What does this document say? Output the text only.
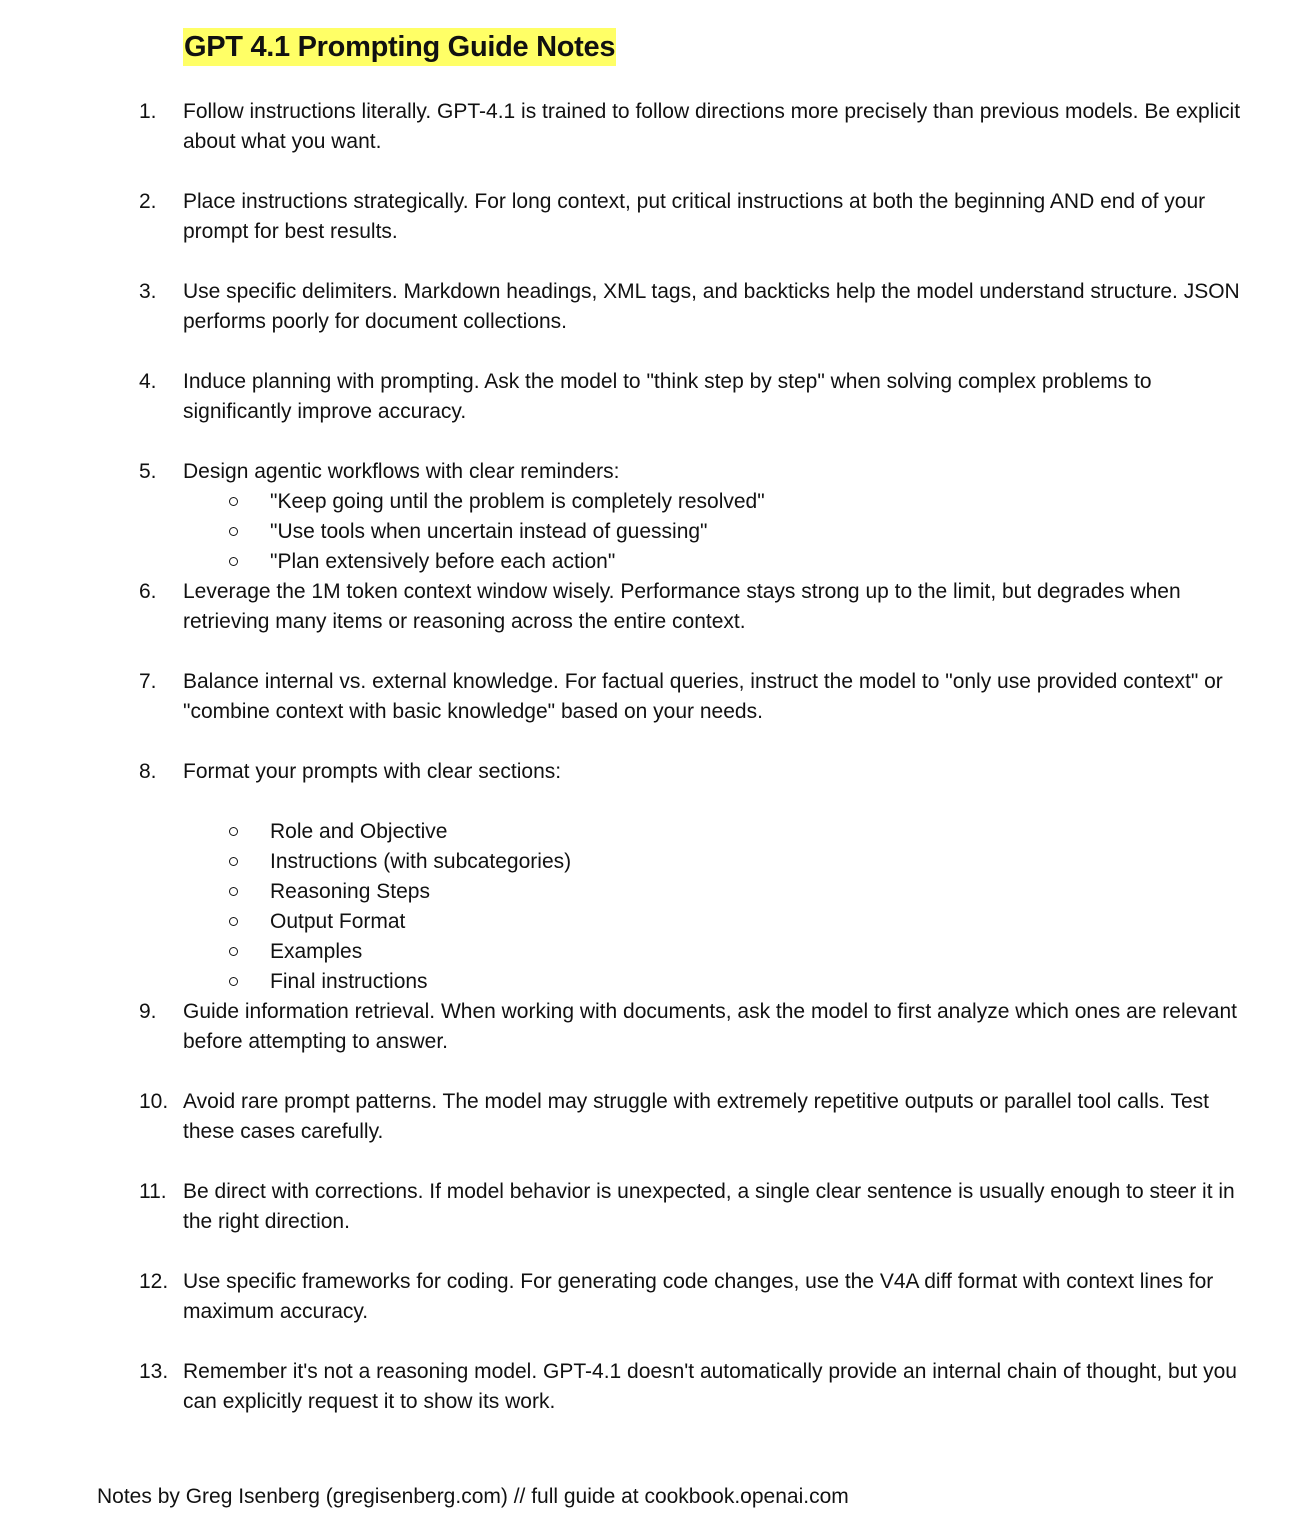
GPT 4.1 Prompting Guide Notes
1.	Follow instructions literally. GPT-4.1 is trained to follow directions more precisely than previous models. Be explicit about what you want.
2.	Place instructions strategically. For long context, put critical instructions at both the beginning AND end of your prompt for best results.
3.	Use specific delimiters. Markdown headings, XML tags, and backticks help the model understand structure. JSON performs poorly for document collections.
4.	Induce planning with prompting. Ask the model to "think step by step" when solving complex problems to significantly improve accuracy.
5.	Design agentic workflows with clear reminders:
"Keep going until the problem is completely resolved"
"Use tools when uncertain instead of guessing"
"Plan extensively before each action"
6.	Leverage the 1M token context window wisely. Performance stays strong up to the limit, but degrades when retrieving many items or reasoning across the entire context.
7.	Balance internal vs. external knowledge. For factual queries, instruct the model to "only use provided context" or "combine context with basic knowledge" based on your needs.
8.	Format your prompts with clear sections:
Role and Objective
Instructions (with subcategories)
Reasoning Steps
Output Format
Examples
Final instructions
9.	Guide information retrieval. When working with documents, ask the model to first analyze which ones are relevant before attempting to answer.
10. Avoid rare prompt patterns. The model may struggle with extremely repetitive outputs or parallel tool calls. Test these cases carefully.
11. Be direct with corrections. If model behavior is unexpected, a single clear sentence is usually enough to steer it in the right direction.
12. Use specific frameworks for coding. For generating code changes, use the V4A diff format with context lines for maximum accuracy.
13. Remember it's not a reasoning model. GPT-4.1 doesn't automatically provide an internal chain of thought, but you can explicitly request it to show its work.
Notes by Greg Isenberg (gregisenberg.com) // full guide at cookbook.openai.com
